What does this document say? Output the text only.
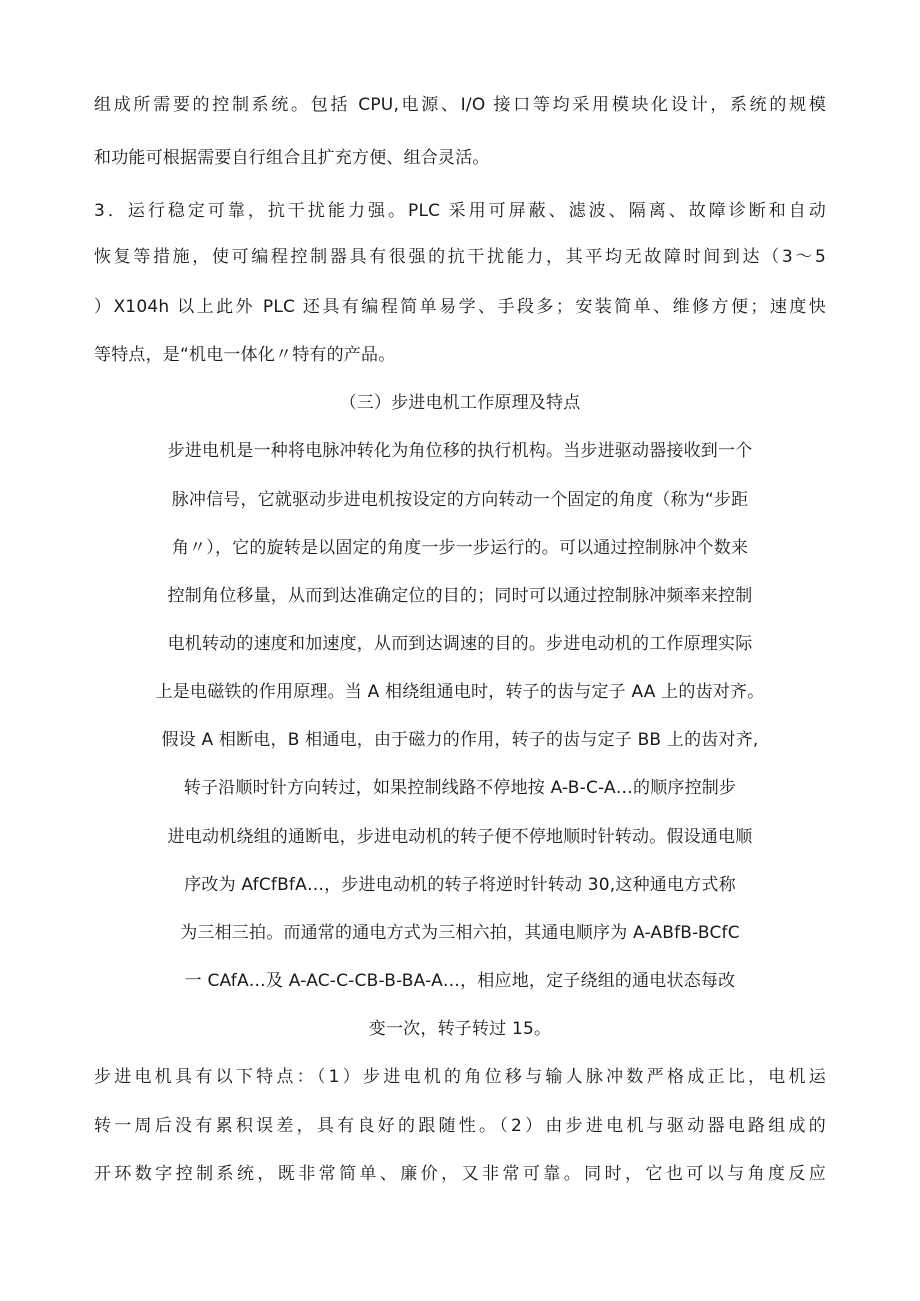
组成所需要的控制系统。包括 CPU,电源、I/O 接口等均采用模块化设计，系统的规模
和功能可根据需要自行组合且扩充方便、组合灵活。
3．运行稳定可靠，抗干扰能力强。PLC 采用可屏蔽、滤波、隔离、故障诊断和自动
恢复等措施，使可编程控制器具有很强的抗干扰能力，其平均无故障时间到达（3〜5
）X104h 以上此外 PLC 还具有编程简单易学、手段多；安装简单、维修方便；速度快
等特点，是“机电一体化〃特有的产品。
（三）步进电机工作原理及特点
步进电机是一种将电脉冲转化为角位移的执行机构。当步进驱动器接收到一个
脉冲信号，它就驱动步进电机按设定的方向转动一个固定的角度（称为“步距
角〃），它的旋转是以固定的角度一步一步运行的。可以通过控制脉冲个数来
控制角位移量，从而到达准确定位的目的；同时可以通过控制脉冲频率来控制
电机转动的速度和加速度，从而到达调速的目的。步进电动机的工作原理实际
上是电磁铁的作用原理。当 A 相绕组通电时，转子的齿与定子 AA 上的齿对齐。
假设 A 相断电，B 相通电，由于磁力的作用，转子的齿与定子 BB 上的齿对齐,
转子沿顺时针方向转过，如果控制线路不停地按 A-B-C-A…的顺序控制步
进电动机绕组的通断电，步进电动机的转子便不停地顺时针转动。假设通电顺
序改为 AfCfBfA…，步进电动机的转子将逆时针转动 30,这种通电方式称
为三相三拍。而通常的通电方式为三相六拍，其通电顺序为 A-ABfB-BCfC
一 CAfA…及 A-AC-C-CB-B-BA-A…，相应地，定子绕组的通电状态每改
变一次，转子转过 15。
步进电机具有以下特点：（1）步进电机的角位移与输人脉冲数严格成正比，电机运
转一周后没有累积误差，具有良好的跟随性。（2）由步进电机与驱动器电路组成的
开环数字控制系统，既非常简单、廉价，又非常可靠。同时，它也可以与角度反应
